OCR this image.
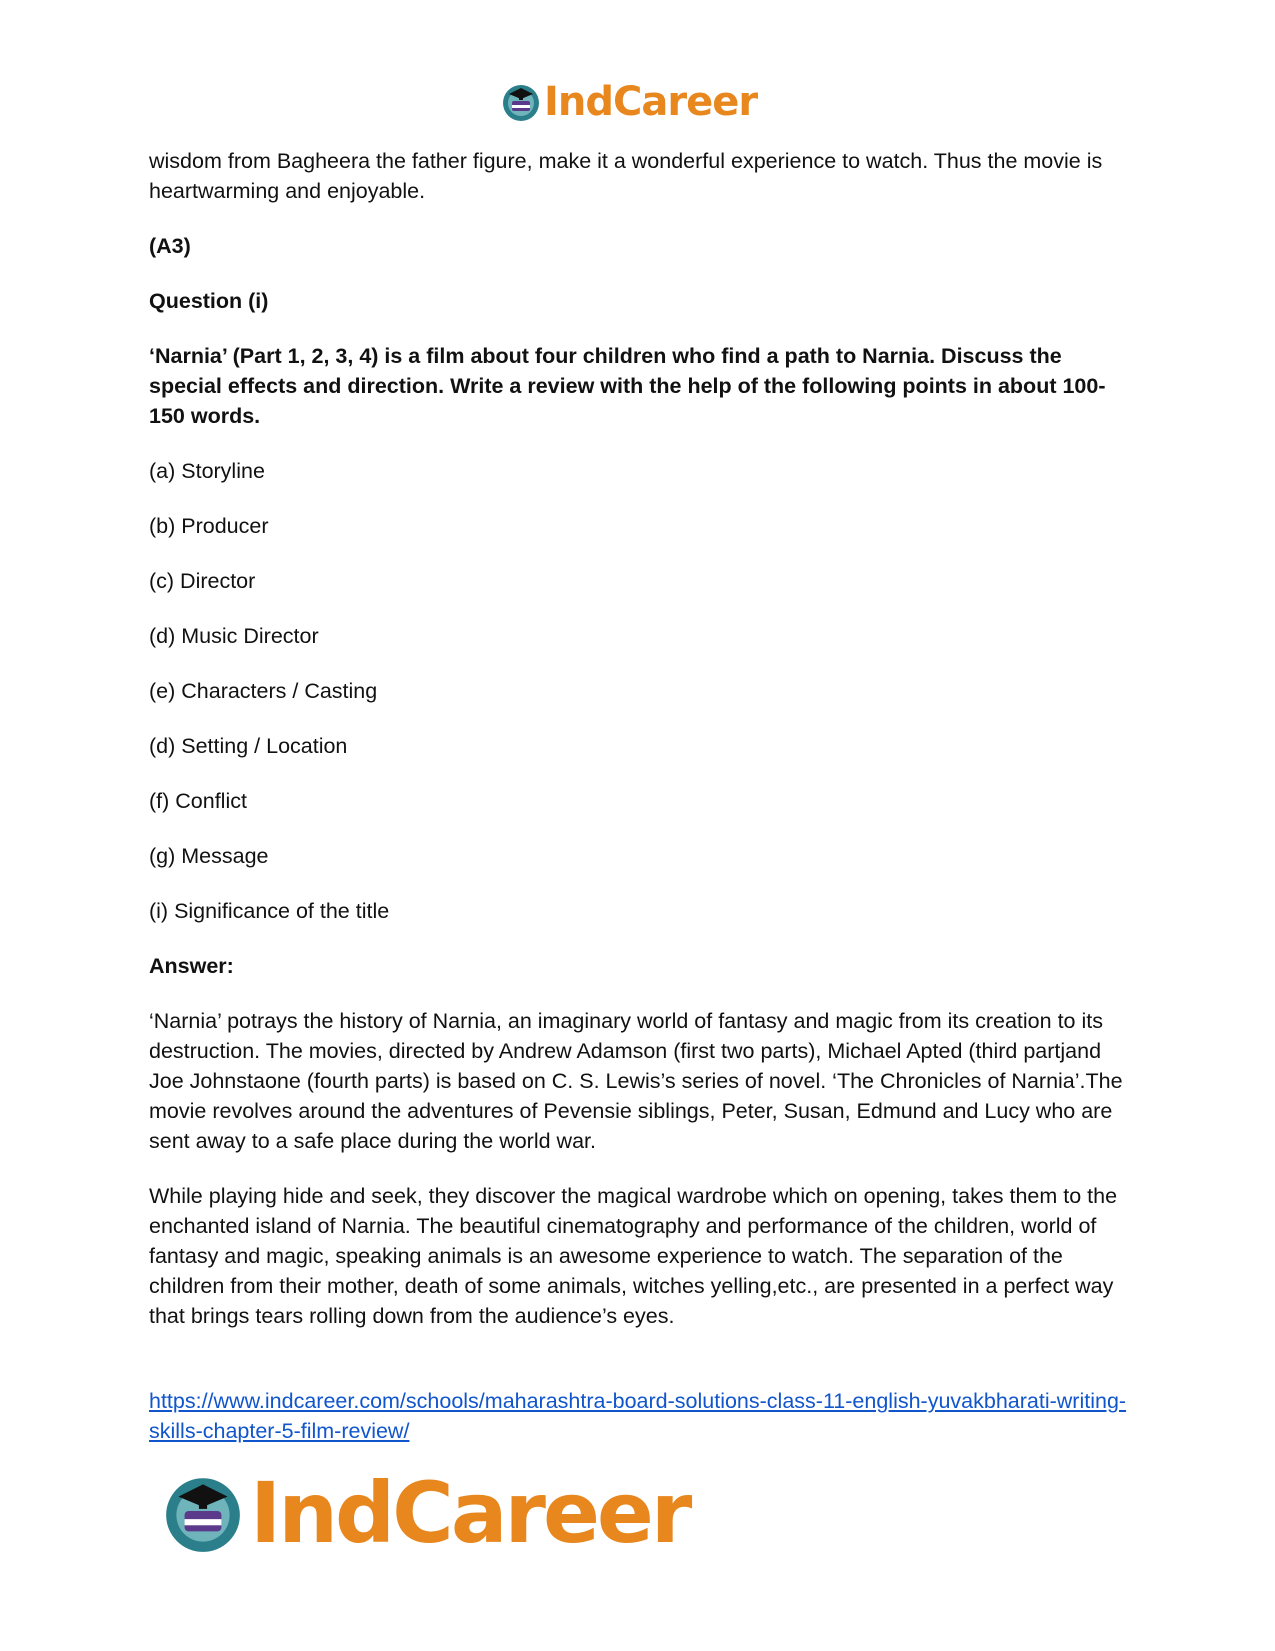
IndCareer

wisdom from Bagheera the father figure, make it a wonderful experience to watch. Thus the movie is heartwarming and enjoyable.

(A3)

Question (i)

‘Narnia’ (Part 1, 2, 3, 4) is a film about four children who find a path to Narnia. Discuss the special effects and direction. Write a review with the help of the following points in about 100-150 words.

(a) Storyline

(b) Producer

(c) Director

(d) Music Director

(e) Characters / Casting

(d) Setting / Location

(f) Conflict

(g) Message

(i) Significance of the title

Answer:

‘Narnia’ potrays the history of Narnia, an imaginary world of fantasy and magic from its creation to its destruction. The movies, directed by Andrew Adamson (first two parts), Michael Apted (third partjand Joe Johnstaone (fourth parts) is based on C. S. Lewis’s series of novel. ‘The Chronicles of Narnia’.The movie revolves around the adventures of Pevensie siblings, Peter, Susan, Edmund and Lucy who are sent away to a safe place during the world war.

While playing hide and seek, they discover the magical wardrobe which on opening, takes them to the enchanted island of Narnia. The beautiful cinematography and performance of the children, world of fantasy and magic, speaking animals is an awesome experience to watch. The separation of the children from their mother, death of some animals, witches yelling,etc., are presented in a perfect way that brings tears rolling down from the audience’s eyes.

https://www.indcareer.com/schools/maharashtra-board-solutions-class-11-english-yuvakbharati-writing-skills-chapter-5-film-review/

IndCareer
